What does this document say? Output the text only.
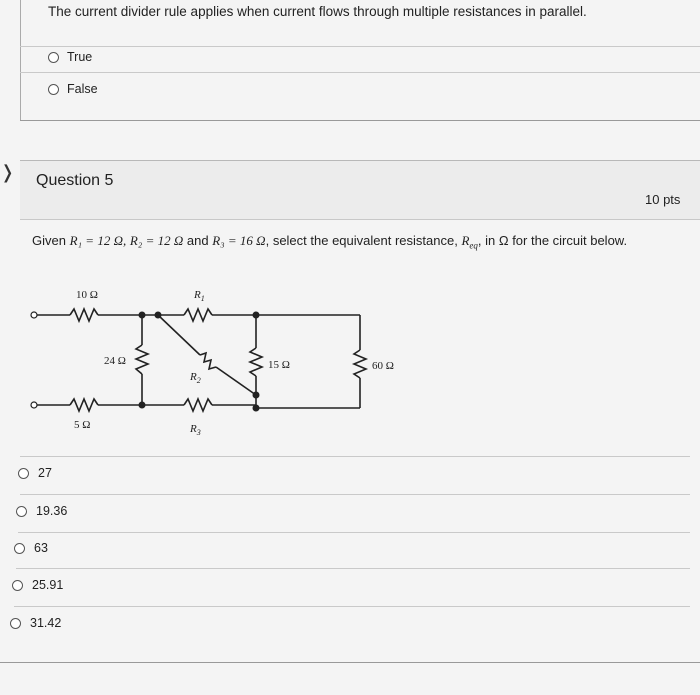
The current divider rule applies when current flows through multiple resistances in parallel.
True
False
❭ Question 5
10 pts
Given R₁ = 12 Ω, R₂ = 12 Ω and R₃ = 16 Ω, select the equivalent resistance, $R_{eq}$, in Ω for the circuit below.
10 Ω	$R_1$
24 Ω
$R_2$
15 Ω	60 Ω
5 Ω	$R_3$
27
19.36
63
25.91
31.42
